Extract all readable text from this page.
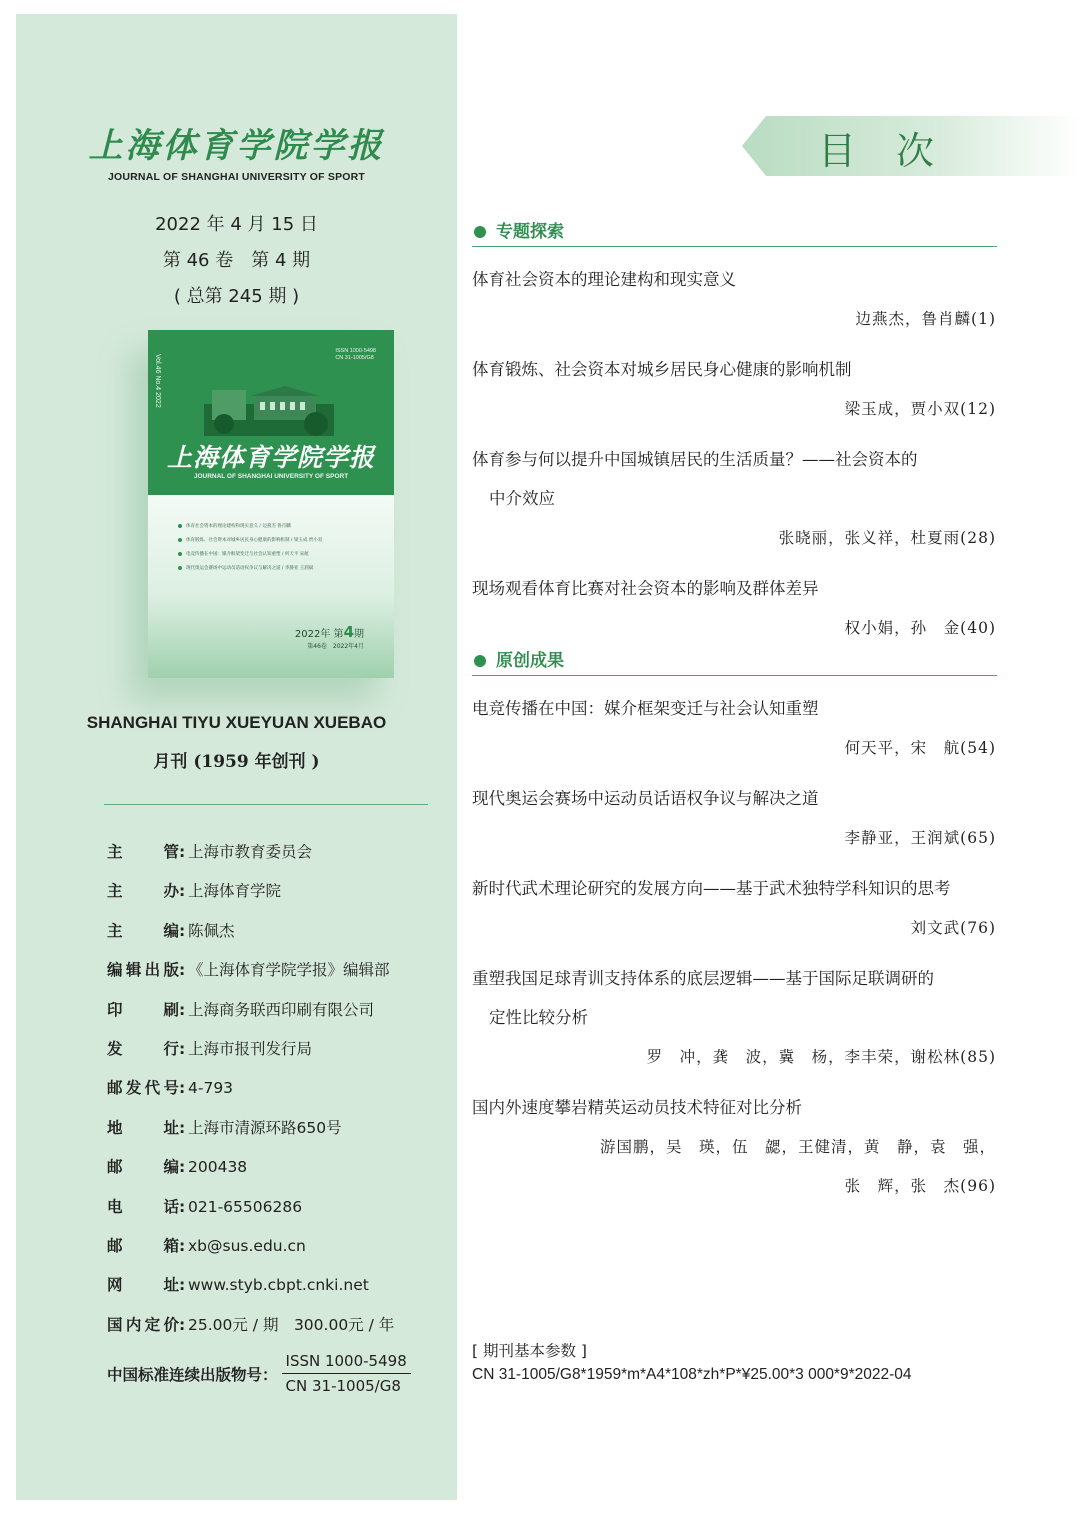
上海体育学院学报
JOURNAL OF SHANGHAI UNIVERSITY OF SPORT
2022 年 4 月 15 日
第 46 卷　第 4 期
( 总第 245 期 )
Vol.46 No.4 2022
ISSN 1000-5498
CN 31-1005/G8
上海体育学院学报
JOURNAL OF SHANGHAI UNIVERSITY OF SPORT
体育社会资本的理论建构和现实意义 / 边燕杰 鲁肖麟
体育锻炼、社会资本对城乡居民身心健康的影响机制 / 梁玉成 贾小双
电竞传播在中国：媒介框架变迁与社会认知重塑 / 何天平 宋航
现代奥运会赛场中运动员话语权争议与解决之道 / 李静亚 王润斌
2022年 第4期
第46卷　2022年4月
SHANGHAI TIYU XUEYUAN XUEBAO
月刊 (1959 年创刊 )
主管 : 上海市教育委员会
主办 : 上海体育学院
主编 : 陈佩杰
编辑出版 : 《上海体育学院学报》编辑部
印刷 : 上海商务联西印刷有限公司
发行 : 上海市报刊发行局
邮发代号 : 4-793
地址 : 上海市清源环路650号
邮编 : 200438
电话 : 021-65506286
邮箱 : xb@sus.edu.cn
网址 : www.styb.cbpt.cnki.net
国内定价 : 25.00元 / 期　300.00元 / 年
中国标准连续出版物号：
ISSN 1000-5498
CN 31-1005/G8
目次
专题探索
体育社会资本的理论建构和现实意义
边燕杰，鲁肖麟(1)
体育锻炼、社会资本对城乡居民身心健康的影响机制
梁玉成，贾小双(12)
体育参与何以提升中国城镇居民的生活质量？——社会资本的
中介效应
张晓丽，张义祥，杜夏雨(28)
现场观看体育比赛对社会资本的影响及群体差异
权小娟，孙　金(40)
原创成果
电竞传播在中国：媒介框架变迁与社会认知重塑
何天平，宋　航(54)
现代奥运会赛场中运动员话语权争议与解决之道
李静亚，王润斌(65)
新时代武术理论研究的发展方向——基于武术独特学科知识的思考
刘文武(76)
重塑我国足球青训支持体系的底层逻辑——基于国际足联调研的
定性比较分析
罗　冲，龚　波，冀　杨，李丰荣，谢松林(85)
国内外速度攀岩精英运动员技术特征对比分析
游国鹏，吴　瑛，伍　勰，王健清，黄　静，袁　强，
张　辉，张　杰(96)
[ 期刊基本参数 ]
CN 31-1005/G8*1959*m*A4*108*zh*P*¥25.00*3 000*9*2022-04
